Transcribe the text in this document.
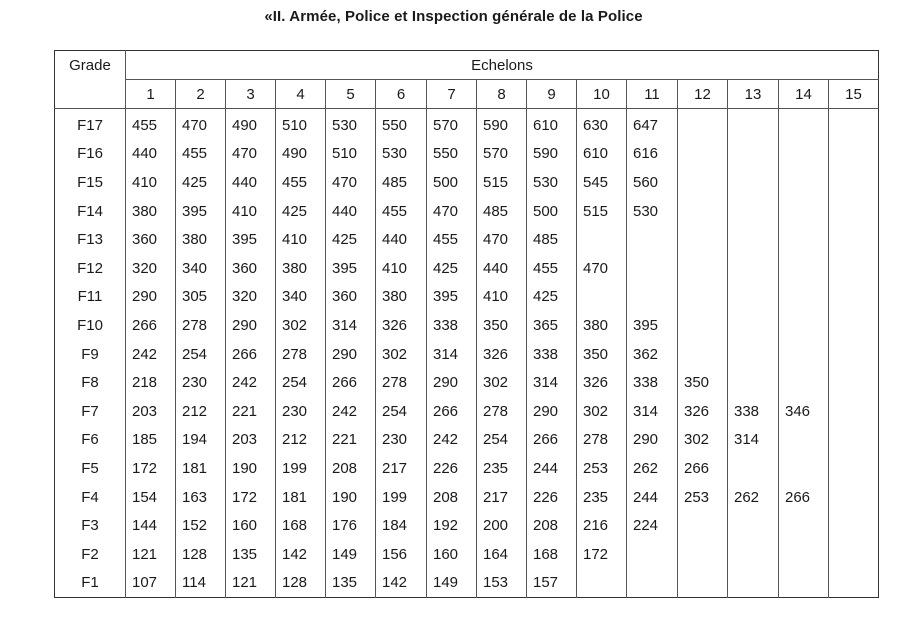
«II. Armée, Police et Inspection générale de la Police
Grade	Echelons														
	1	2	3	4	5	6	7	8	9	10	11	12	13	14	15
F17	455	470	490	510	530	550	570	590	610	630	647				
F16	440	455	470	490	510	530	550	570	590	610	616				
F15	410	425	440	455	470	485	500	515	530	545	560				
F14	380	395	410	425	440	455	470	485	500	515	530				
F13	360	380	395	410	425	440	455	470	485						
F12	320	340	360	380	395	410	425	440	455	470					
F11	290	305	320	340	360	380	395	410	425						
F10	266	278	290	302	314	326	338	350	365	380	395				
F9	242	254	266	278	290	302	314	326	338	350	362				
F8	218	230	242	254	266	278	290	302	314	326	338	350			
F7	203	212	221	230	242	254	266	278	290	302	314	326	338	346	
F6	185	194	203	212	221	230	242	254	266	278	290	302	314		
F5	172	181	190	199	208	217	226	235	244	253	262	266			
F4	154	163	172	181	190	199	208	217	226	235	244	253	262	266	
F3	144	152	160	168	176	184	192	200	208	216	224				
F2	121	128	135	142	149	156	160	164	168	172					
F1	107	114	121	128	135	142	149	153	157						
